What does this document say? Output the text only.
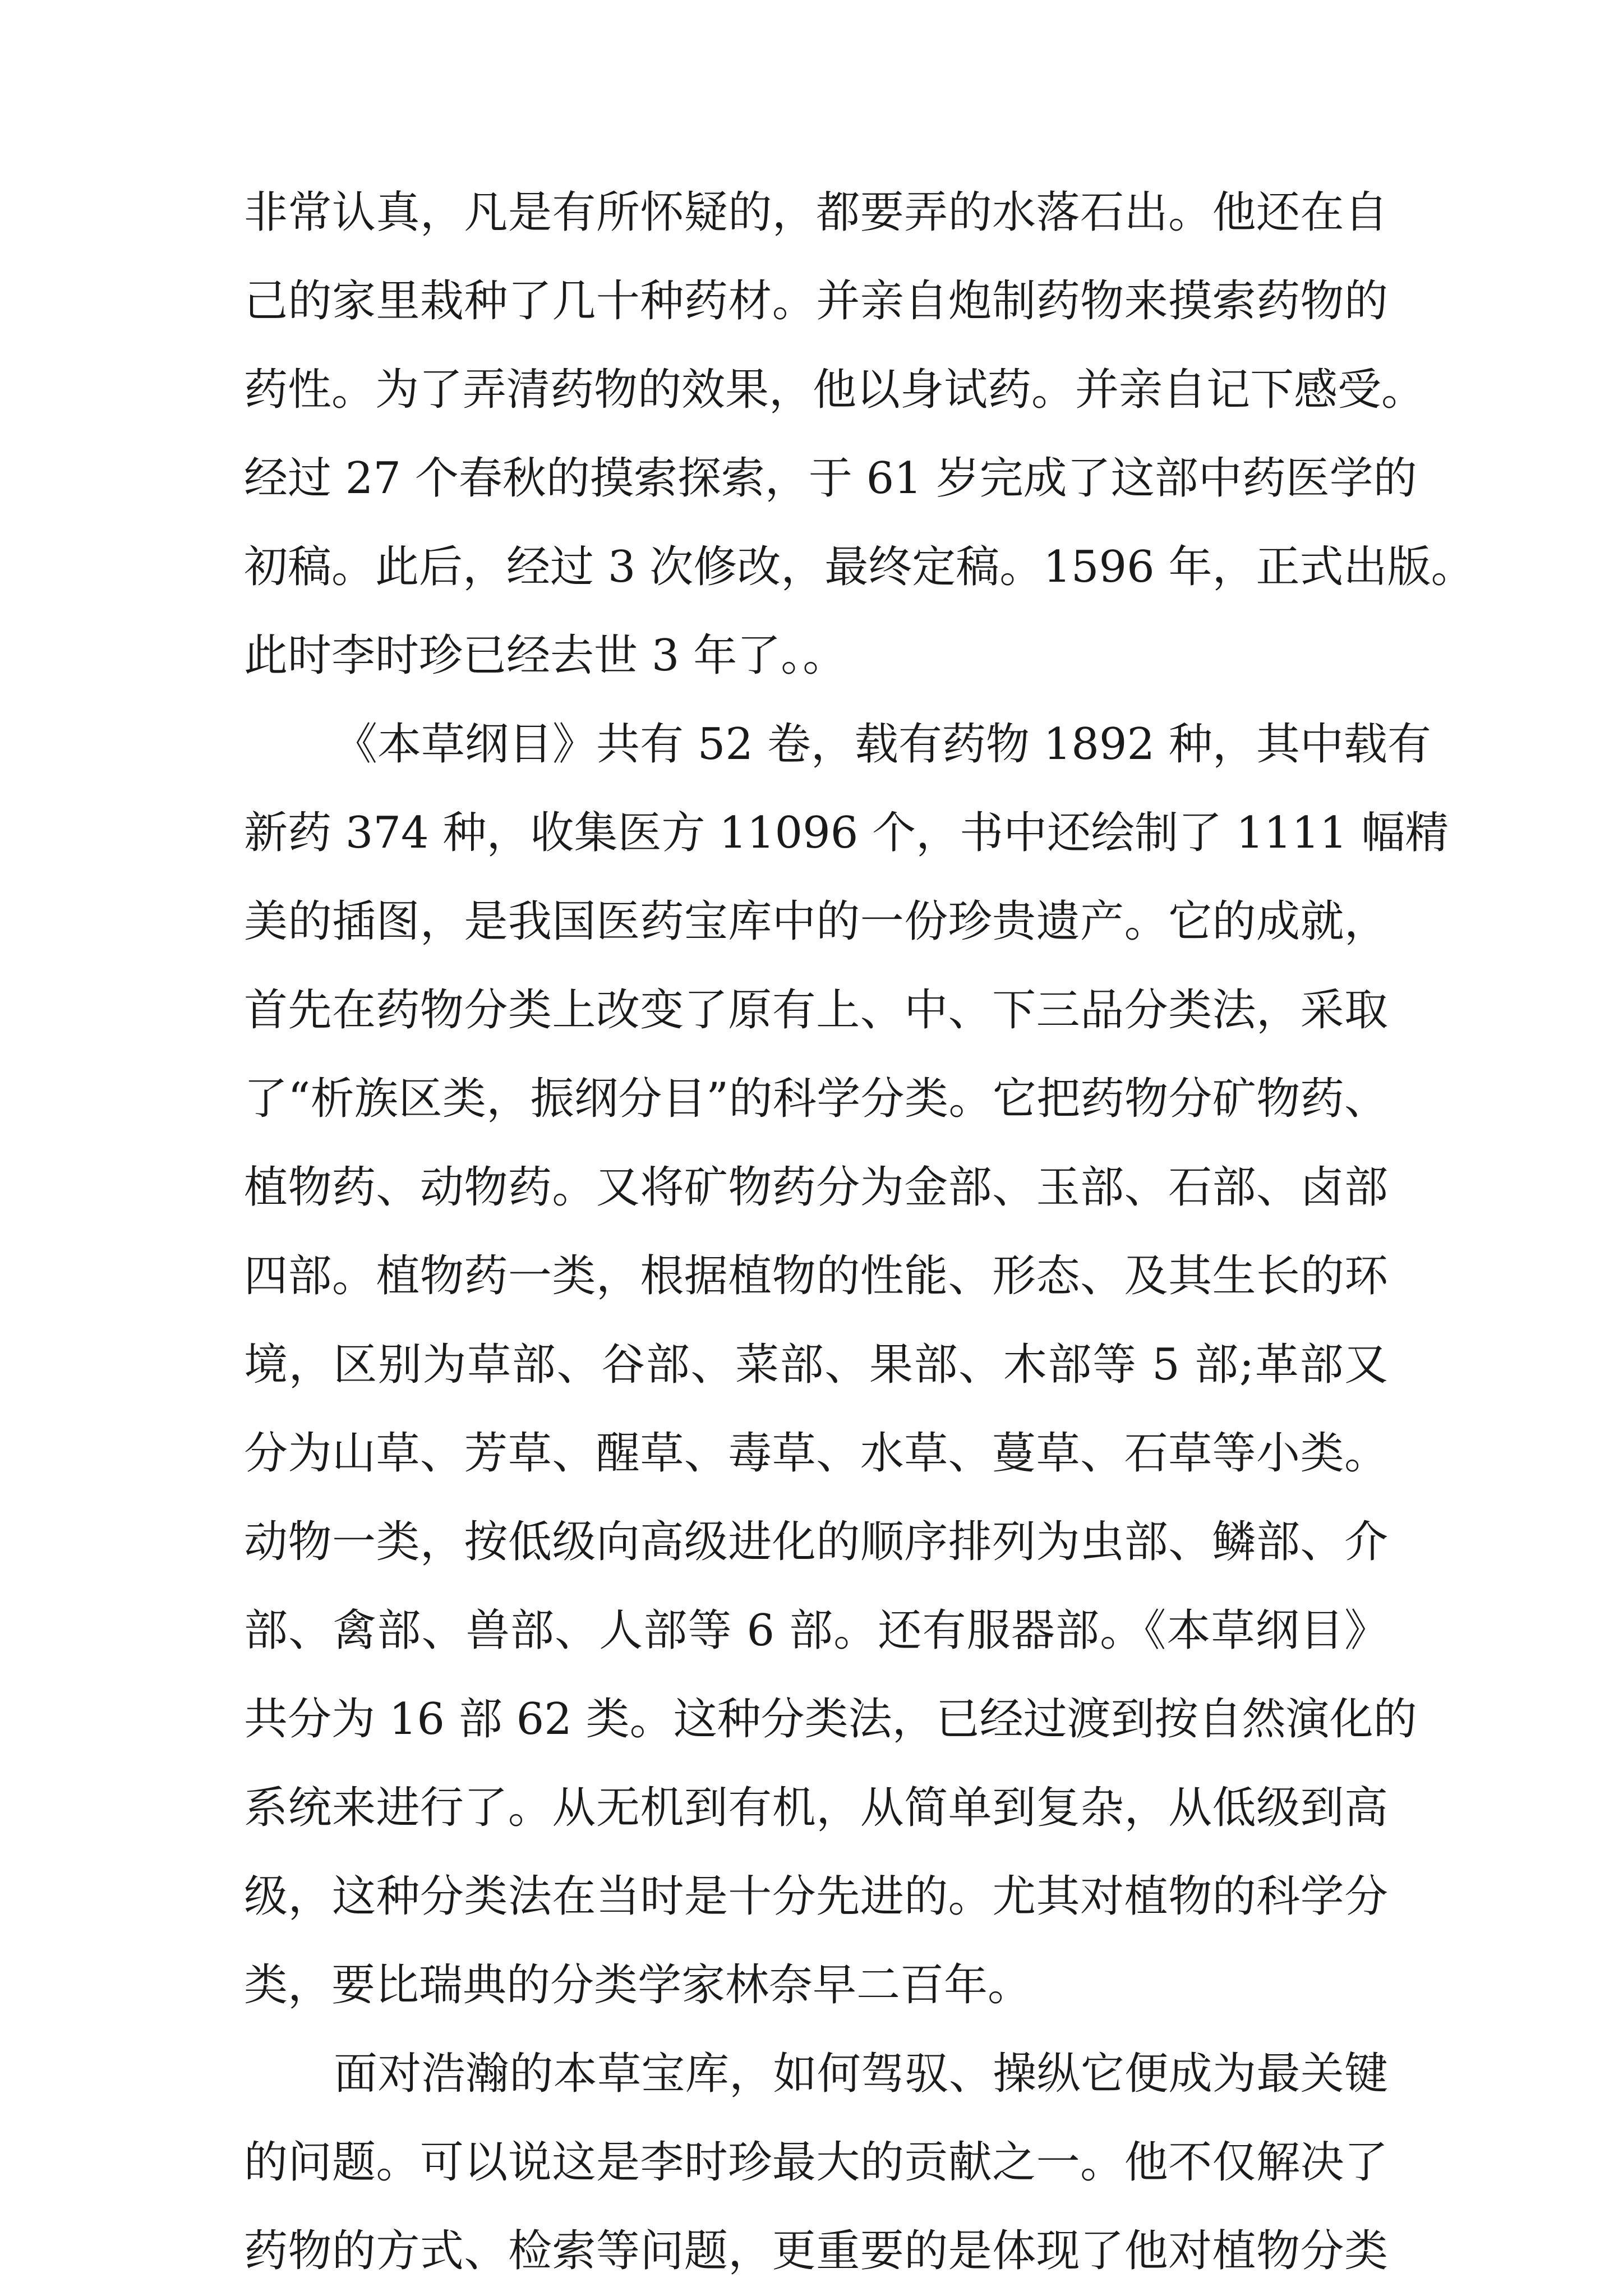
非常认真，凡是有所怀疑的，都要弄的水落石出。他还在自
己的家里栽种了几十种药材。并亲自炮制药物来摸索药物的
药性。为了弄清药物的效果，他以身试药。并亲自记下感受。
经过 27 个春秋的摸索探索，于 61 岁完成了这部中药医学的
初稿。此后，经过 3 次修改，最终定稿。1596 年，正式出版。
此时李时珍已经去世 3 年了。。
《本草纲目》共有 52 卷，载有药物 1892 种，其中载有
新药 374 种，收集医方 11096 个，书中还绘制了 1111 幅精
美的插图，是我国医药宝库中的一份珍贵遗产。它的成就，
首先在药物分类上改变了原有上、中、下三品分类法，采取
了“析族区类，振纲分目”的科学分类。它把药物分矿物药、
植物药、动物药。又将矿物药分为金部、玉部、石部、卤部
四部。植物药一类，根据植物的性能、形态、及其生长的环
境，区别为草部、谷部、菜部、果部、木部等 5 部;革部又
分为山草、芳草、醒草、毒草、水草、蔓草、石草等小类。
动物一类，按低级向高级进化的顺序排列为虫部、鳞部、介
部、禽部、兽部、人部等 6 部。还有服器部。《本草纲目》
共分为 16 部 62 类。这种分类法，已经过渡到按自然演化的
系统来进行了。从无机到有机，从简单到复杂，从低级到高
级，这种分类法在当时是十分先进的。尤其对植物的科学分
类，要比瑞典的分类学家林奈早二百年。
面对浩瀚的本草宝库，如何驾驭、操纵它便成为最关键
的问题。可以说这是李时珍最大的贡献之一。他不仅解决了
药物的方式、检索等问题，更重要的是体现了他对植物分类
